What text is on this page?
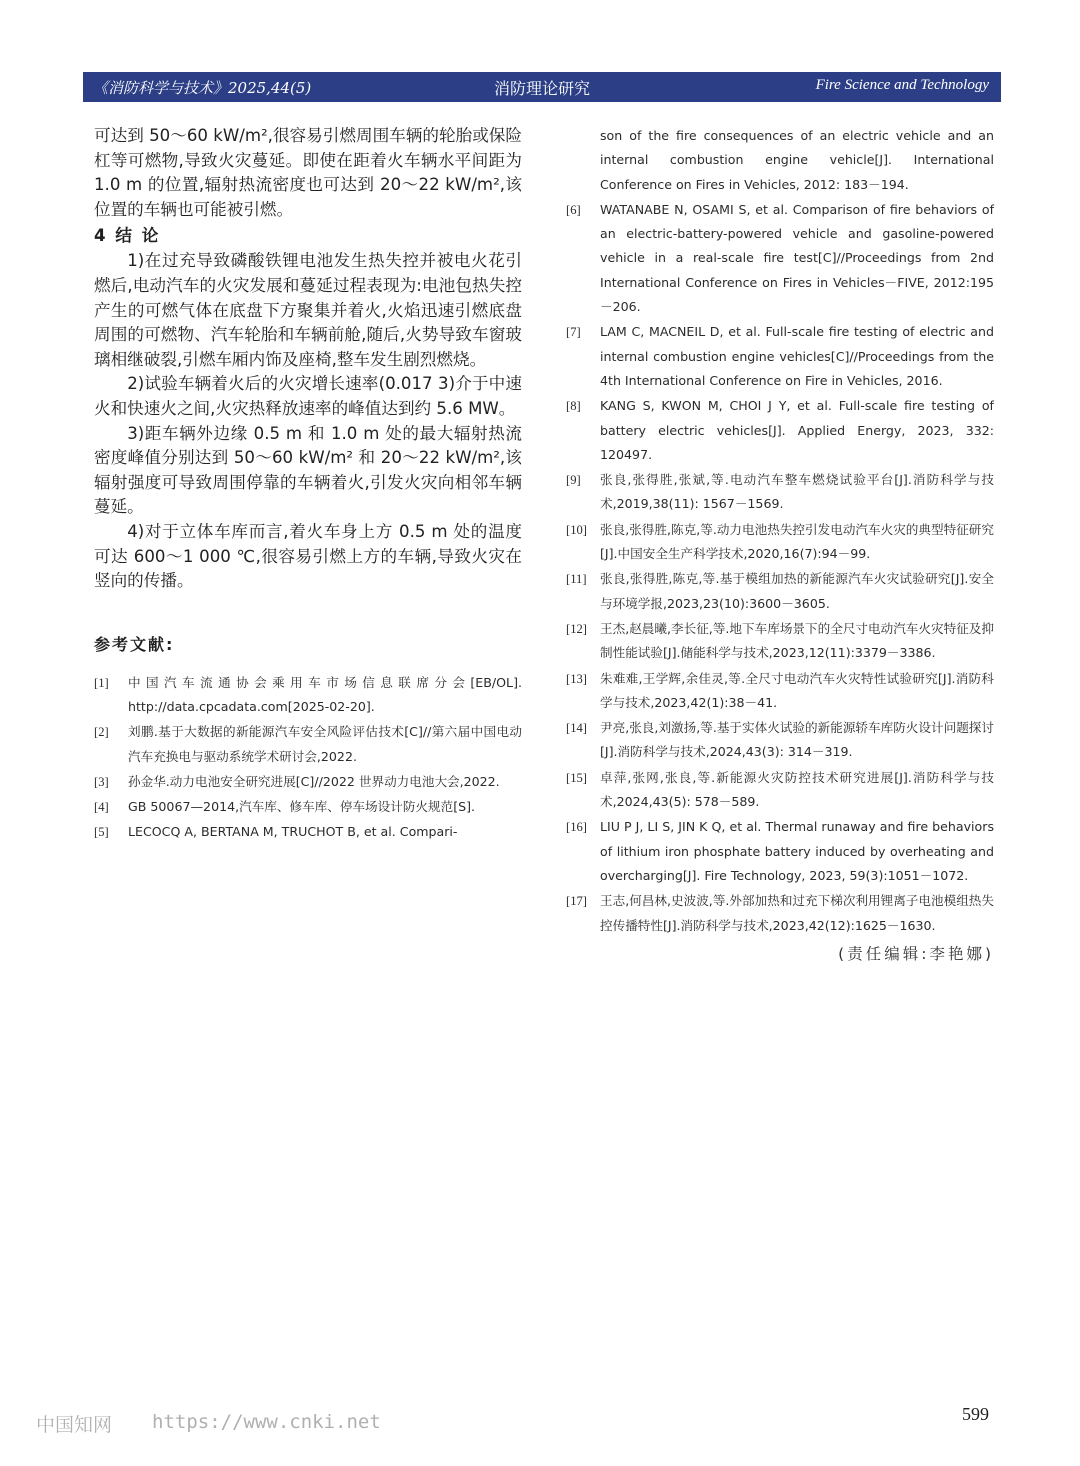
《消防科学与技术》2025,44(5)	消防理论研究	Fire Science and Technology

可达到 50～60 kW/m²,很容易引燃周围车辆的轮胎或保险杠等可燃物,导致火灾蔓延。即使在距着火车辆水平间距为 1.0 m 的位置,辐射热流密度也可达到 20～22 kW/m²,该位置的车辆也可能被引燃。

4 结 论

1)在过充导致磷酸铁锂电池发生热失控并被电火花引燃后,电动汽车的火灾发展和蔓延过程表现为:电池包热失控产生的可燃气体在底盘下方聚集并着火,火焰迅速引燃底盘周围的可燃物、汽车轮胎和车辆前舱,随后,火势导致车窗玻璃相继破裂,引燃车厢内饰及座椅,整车发生剧烈燃烧。

2)试验车辆着火后的火灾增长速率(0.017 3)介于中速火和快速火之间,火灾热释放速率的峰值达到约 5.6 MW。

3)距车辆外边缘 0.5 m 和 1.0 m 处的最大辐射热流密度峰值分别达到 50～60 kW/m² 和 20～22 kW/m²,该辐射强度可导致周围停靠的车辆着火,引发火灾向相邻车辆蔓延。

4)对于立体车库而言,着火车身上方 0.5 m 处的温度可达 600～1 000 ℃,很容易引燃上方的车辆,导致火灾在竖向的传播。

参考文献:
[1]	中国汽车流通协会乘用车市场信息联席分会[EB/OL]. http://data.cpcadata.com[2025-02-20].
[2]	刘鹏.基于大数据的新能源汽车安全风险评估技术[C]//第六届中国电动汽车充换电与驱动系统学术研讨会,2022.
[3]	孙金华.动力电池安全研究进展[C]//2022 世界动力电池大会,2022.
[4]	GB 50067—2014,汽车库、修车库、停车场设计防火规范[S].
[5]	LECOCQ A, BERTANA M, TRUCHOT B, et al. Compari-
son of the fire consequences of an electric vehicle and an internal combustion engine vehicle[J]. International Conference on Fires in Vehicles, 2012: 183－194.
[6]	WATANABE N, OSAMI S, et al. Comparison of fire behaviors of an electric-battery-powered vehicle and gasoline-powered vehicle in a real-scale fire test[C]//Proceedings from 2nd International Conference on Fires in Vehicles－FIVE, 2012:195－206.
[7]	LAM C, MACNEIL D, et al. Full-scale fire testing of electric and internal combustion engine vehicles[C]//Proceedings from the 4th International Conference on Fire in Vehicles, 2016.
[8]	KANG S, KWON M, CHOI J Y, et al. Full-scale fire testing of battery electric vehicles[J]. Applied Energy, 2023, 332: 120497.
[9]	张良,张得胜,张斌,等.电动汽车整车燃烧试验平台[J].消防科学与技术,2019,38(11): 1567－1569.
[10]	张良,张得胜,陈克,等.动力电池热失控引发电动汽车火灾的典型特征研究[J].中国安全生产科学技术,2020,16(7):94－99.
[11]	张良,张得胜,陈克,等.基于模组加热的新能源汽车火灾试验研究[J].安全与环境学报,2023,23(10):3600－3605.
[12]	王杰,赵晨曦,李长征,等.地下车库场景下的全尺寸电动汽车火灾特征及抑制性能试验[J].储能科学与技术,2023,12(11):3379－3386.
[13]	朱难难,王学辉,余佳灵,等.全尺寸电动汽车火灾特性试验研究[J].消防科学与技术,2023,42(1):38－41.
[14]	尹亮,张良,刘激扬,等.基于实体火试验的新能源轿车库防火设计问题探讨[J].消防科学与技术,2024,43(3): 314－319.
[15]	卓萍,张网,张良,等.新能源火灾防控技术研究进展[J].消防科学与技术,2024,43(5): 578－589.
[16]	LIU P J, LI S, JIN K Q, et al. Thermal runaway and fire behaviors of lithium iron phosphate battery induced by overheating and overcharging[J]. Fire Technology, 2023, 59(3):1051－1072.
[17]	王志,何昌林,史波波,等.外部加热和过充下梯次利用锂离子电池模组热失控传播特性[J].消防科学与技术,2023,42(12):1625－1630.
(责任编辑:李艳娜)
中国知网 https://www.cnki.net	599
